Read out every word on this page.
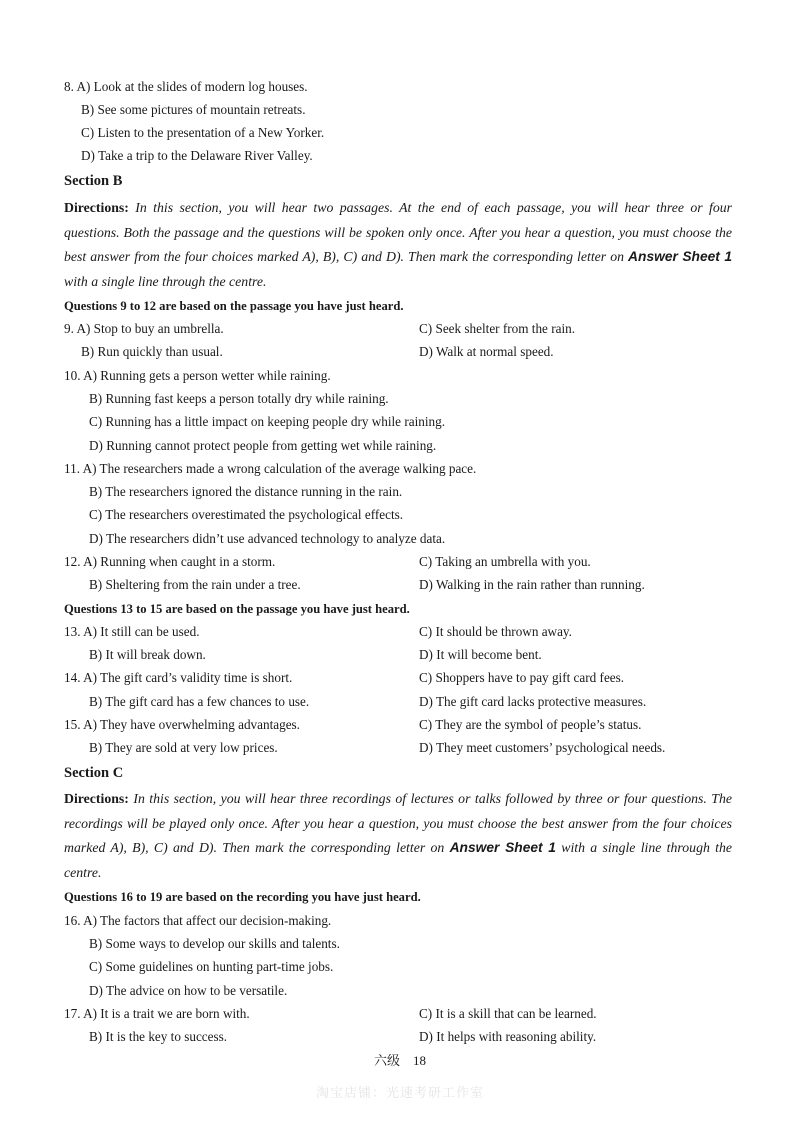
8. A) Look at the slides of modern log houses.
B) See some pictures of mountain retreats.
C) Listen to the presentation of a New Yorker.
D) Take a trip to the Delaware River Valley.
Section B
Directions: In this section, you will hear two passages. At the end of each passage, you will hear three or four questions. Both the passage and the questions will be spoken only once. After you hear a question, you must choose the best answer from the four choices marked A), B), C) and D). Then mark the corresponding letter on Answer Sheet 1 with a single line through the centre.
Questions 9 to 12 are based on the passage you have just heard.
9. A) Stop to buy an umbrella.	C) Seek shelter from the rain.
B) Run quickly than usual.	D) Walk at normal speed.
10. A) Running gets a person wetter while raining.
B) Running fast keeps a person totally dry while raining.
C) Running has a little impact on keeping people dry while raining.
D) Running cannot protect people from getting wet while raining.
11. A) The researchers made a wrong calculation of the average walking pace.
B) The researchers ignored the distance running in the rain.
C) The researchers overestimated the psychological effects.
D) The researchers didn’t use advanced technology to analyze data.
12. A) Running when caught in a storm.	C) Taking an umbrella with you.
B) Sheltering from the rain under a tree.	D) Walking in the rain rather than running.
Questions 13 to 15 are based on the passage you have just heard.
13. A) It still can be used.	C) It should be thrown away.
B) It will break down.	D) It will become bent.
14. A) The gift card’s validity time is short.	C) Shoppers have to pay gift card fees.
B) The gift card has a few chances to use.	D) The gift card lacks protective measures.
15. A) They have overwhelming advantages.	C) They are the symbol of people’s status.
B) They are sold at very low prices.	D) They meet customers’ psychological needs.
Section C
Directions: In this section, you will hear three recordings of lectures or talks followed by three or four questions. The recordings will be played only once. After you hear a question, you must choose the best answer from the four choices marked A), B), C) and D). Then mark the corresponding letter on Answer Sheet 1 with a single line through the centre.
Questions 16 to 19 are based on the recording you have just heard.
16. A) The factors that affect our decision-making.
B) Some ways to develop our skills and talents.
C) Some guidelines on hunting part-time jobs.
D) The advice on how to be versatile.
17. A) It is a trait we are born with.	C) It is a skill that can be learned.
B) It is the key to success.	D) It helps with reasoning ability.
六级 18
淘宝店铺：光速考研工作室
